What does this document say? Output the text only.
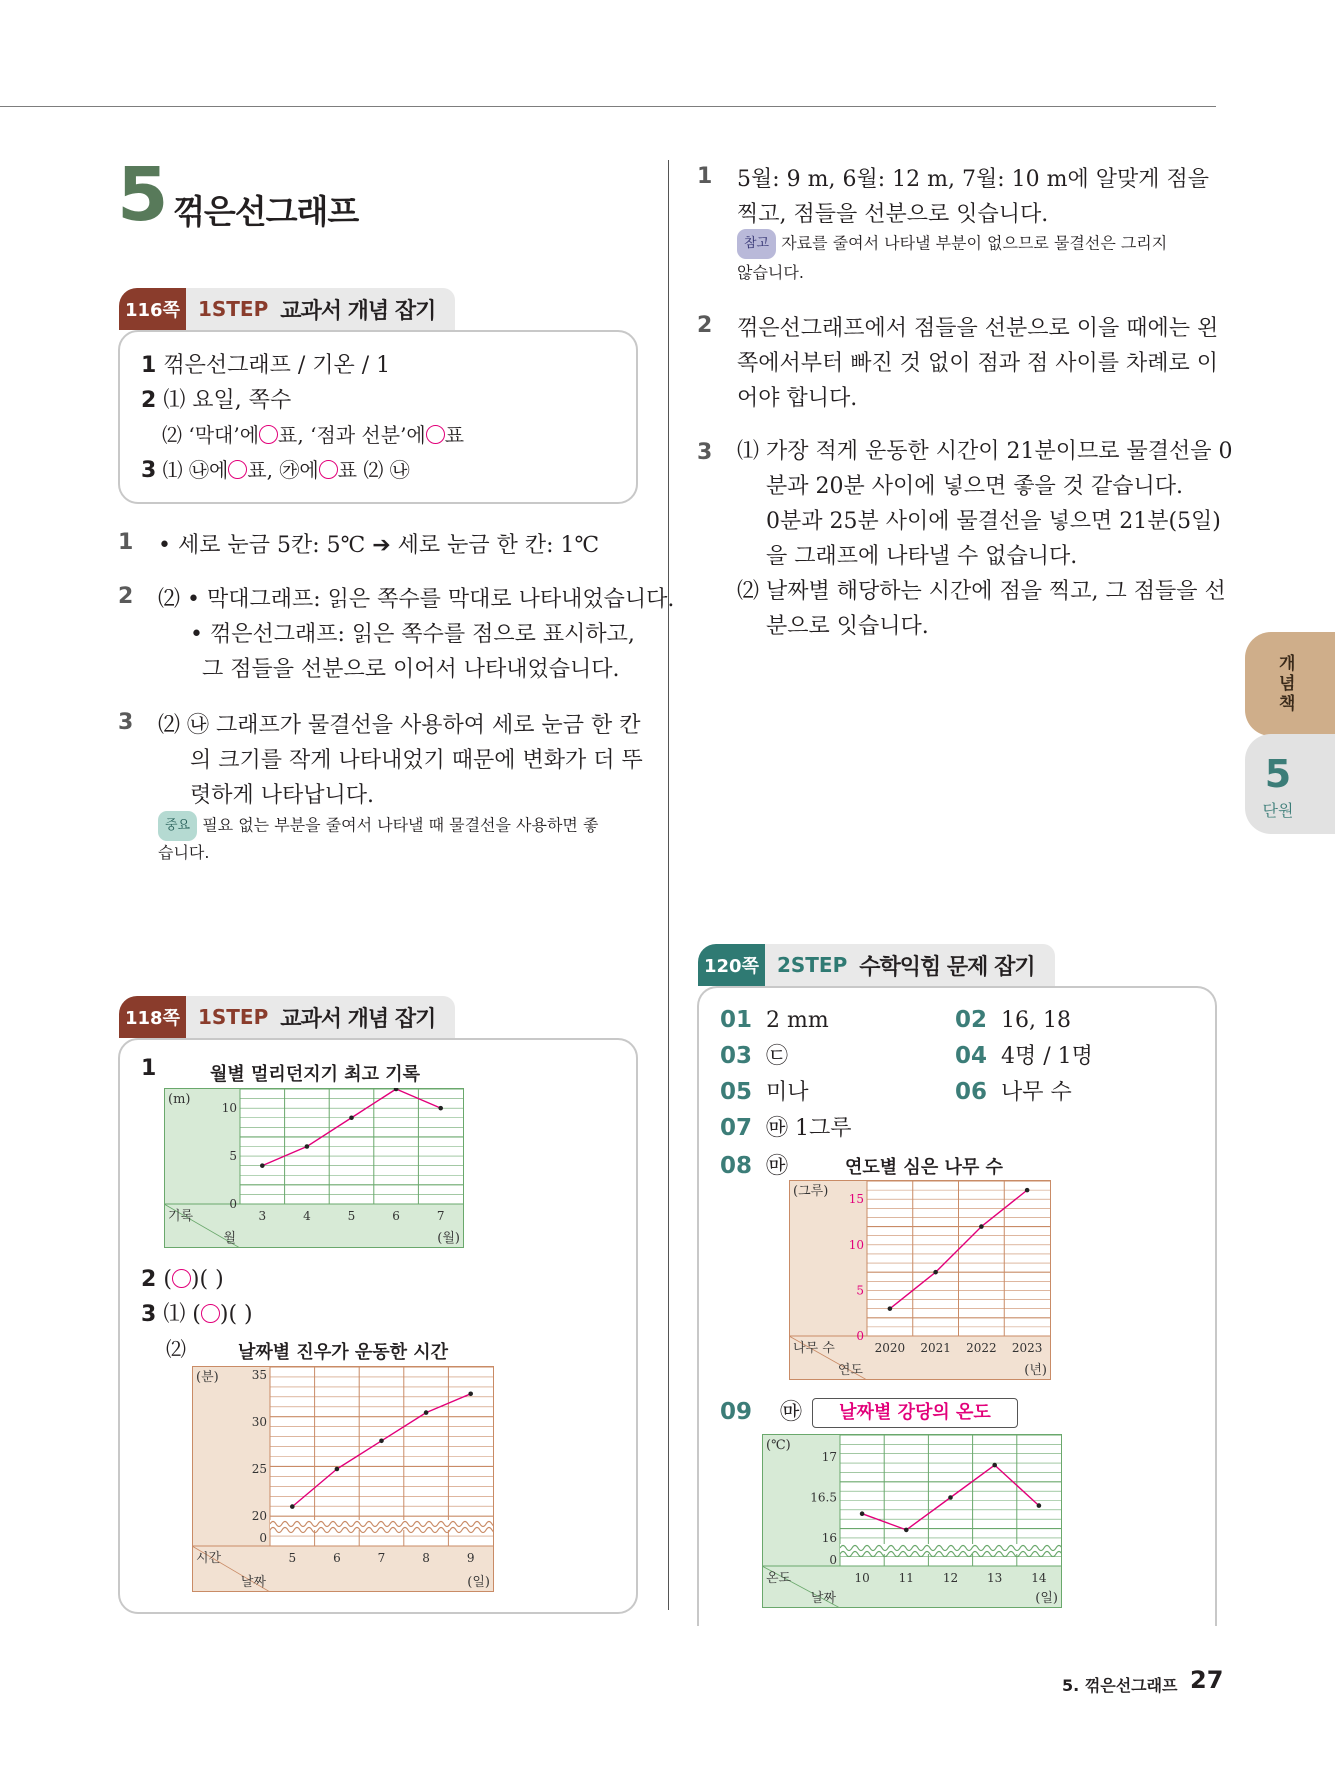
5 꺾은선그래프
116쪽 1STEP 교과서 개념 잡기
1 꺾은선그래프 / 기온 / 1
2 ⑴ 요일, 쪽수
⑵ ‘막대’에○표, ‘점과 선분’에○표
3 ⑴ ㉯에○표, ㉮에○표 ⑵ ㉯
1 • 세로 눈금 5칸: 5℃ ➔ 세로 눈금 한 칸: 1℃
2 ⑵ • 막대그래프: 읽은 쪽수를 막대로 나타내었습니다.
• 꺾은선그래프: 읽은 쪽수를 점으로 표시하고,
그 점들을 선분으로 이어서 나타내었습니다.
3 ⑵ ㉯ 그래프가 물결선을 사용하여 세로 눈금 한 칸
의 크기를 작게 나타내었기 때문에 변화가 더 뚜
렷하게 나타납니다.
중요 필요 없는 부분을 줄여서 나타낼 때 물결선을 사용하면 좋
습니다.
1 5월: 9 m, 6월: 12 m, 7월: 10 m에 알맞게 점을
찍고, 점들을 선분으로 잇습니다.
참고 자료를 줄여서 나타낼 부분이 없으므로 물결선은 그리지
않습니다.
2 꺾은선그래프에서 점들을 선분으로 이을 때에는 왼
쪽에서부터 빠진 것 없이 점과 점 사이를 차례로 이
어야 합니다.
3 ⑴ 가장 적게 운동한 시간이 21분이므로 물결선을 0
분과 20분 사이에 넣으면 좋을 것 같습니다.
0분과 25분 사이에 물결선을 넣으면 21분(5일)
을 그래프에 나타낼 수 없습니다.
⑵ 날짜별 해당하는 시간에 점을 찍고, 그 점들을 선
분으로 잇습니다.
개념책
5
단원
118쪽 1STEP 교과서 개념 잡기
1	월별 멀리던지기 최고 기록
0
5
10
(m)
3	4	5	6	7
기록
월	(월)
2 (○)( )
3 ⑴ (○)( )
⑵	날짜별 진우가 운동한 시간
0
20
25
30
35
(분)
5	6	7	8	9
시간
날짜	(일)
120쪽 2STEP 수학익힘 문제 잡기
01 2 mm	02 16, 18
03 ㉢	04 4명 / 1명
05 미나	06 나무 수
07 ㉲ 1그루
08 ㉲	연도별 심은 나무 수
0
5
10
15
(그루)
2020 2021 2022 2023
나무 수
연도	(년)
09 ㉲	날짜별 강당의 온도
0
16
16.5
17
(℃)
10 11 12 13 14
온도
날짜	(일)
5. 꺾은선그래프 27
